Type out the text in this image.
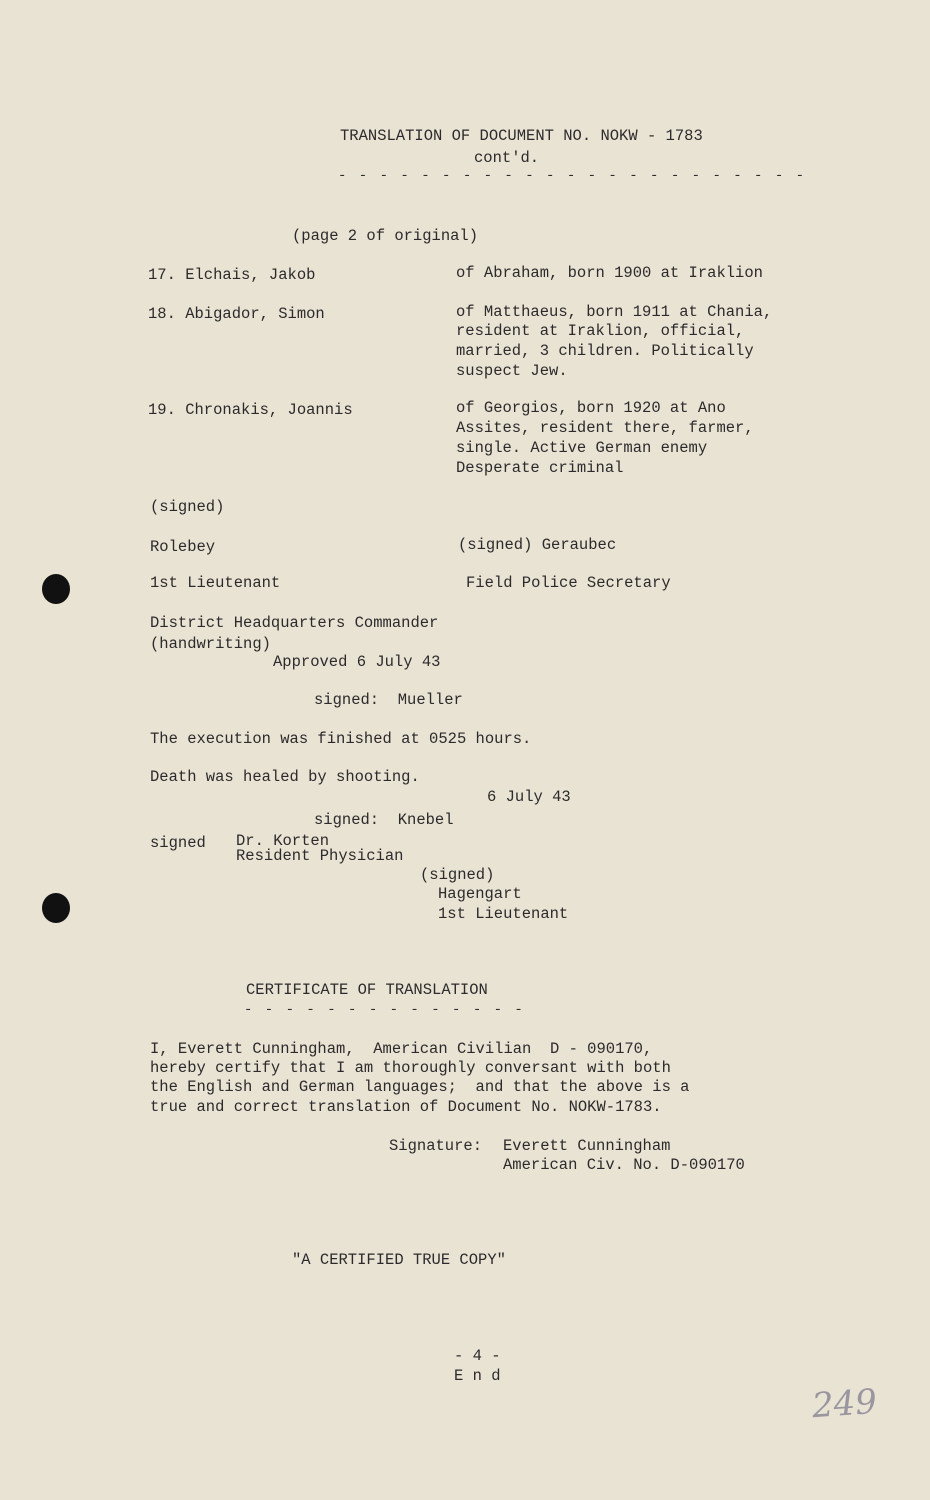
TRANSLATION OF DOCUMENT NO. NOKW - 1783
cont'd.
- - - - - - - - - - - - - - - - - - - - - - -
(page 2 of original)
17. Elchais, Jakob	of Abraham, born 1900 at Iraklion
18. Abigador, Simon	of Matthaeus, born 1911 at Chania,
resident at Iraklion, official,
married, 3 children. Politically
suspect Jew.
19. Chronakis, Joannis	of Georgios, born 1920 at Ano
Assites, resident there, farmer,
single. Active German enemy
Desperate criminal
(signed)
Rolebey	(signed) Geraubec
1st Lieutenant	Field Police Secretary
District Headquarters Commander
(handwriting)
Approved 6 July 43
signed:  Mueller
The execution was finished at 0525 hours.
Death was healed by shooting.
6 July 43
signed:  Knebel
signed Dr. Korten
Resident Physician
(signed)
Hagengart
1st Lieutenant
CERTIFICATE OF TRANSLATION
- - - - - - - - - - - - - -
I, Everett Cunningham,  American Civilian  D - 090170,
hereby certify that I am thoroughly conversant with both
the English and German languages;  and that the above is a
true and correct translation of Document No. NOKW-1783.
Signature: Everett Cunningham
American Civ. No. D-090170
"A CERTIFIED TRUE COPY"
- 4 -
E n d
249
